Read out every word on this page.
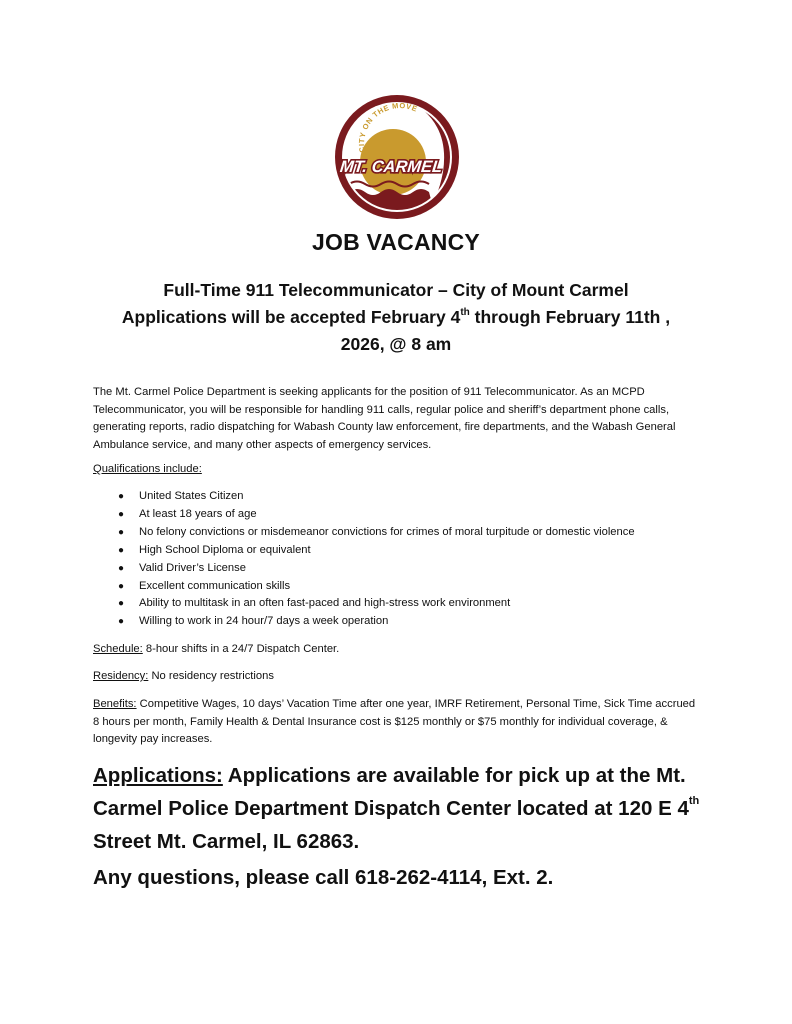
CITY ON THE MOVE
MT. CARMEL
JOB VACANCY
Full-Time 911 Telecommunicator – City of Mount Carmel
Applications will be accepted February 4th through February 11th ,
2026, @ 8 am

The Mt. Carmel Police Department is seeking applicants for the position of 911 Telecommunicator. As an MCPD Telecommunicator, you will be responsible for handling 911 calls, regular police and sheriff’s department phone calls, generating reports, radio dispatching for Wabash County law enforcement, fire departments, and the Wabash General Ambulance service, and many other aspects of emergency services.

Qualifications include:

● United States Citizen
● At least 18 years of age
● No felony convictions or misdemeanor convictions for crimes of moral turpitude or domestic violence
● High School Diploma or equivalent
● Valid Driver’s License
● Excellent communication skills
● Ability to multitask in an often fast-paced and high-stress work environment
● Willing to work in 24 hour/7 days a week operation

Schedule: 8-hour shifts in a 24/7 Dispatch Center.

Residency: No residency restrictions

Benefits: Competitive Wages, 10 days’ Vacation Time after one year, IMRF Retirement, Personal Time, Sick Time accrued 8 hours per month, Family Health & Dental Insurance cost is $125 monthly or $75 monthly for individual coverage, & longevity pay increases.

Applications: Applications are available for pick up at the Mt. Carmel Police Department Dispatch Center located at 120 E 4th Street Mt. Carmel, IL 62863.

Any questions, please call 618-262-4114, Ext. 2.
